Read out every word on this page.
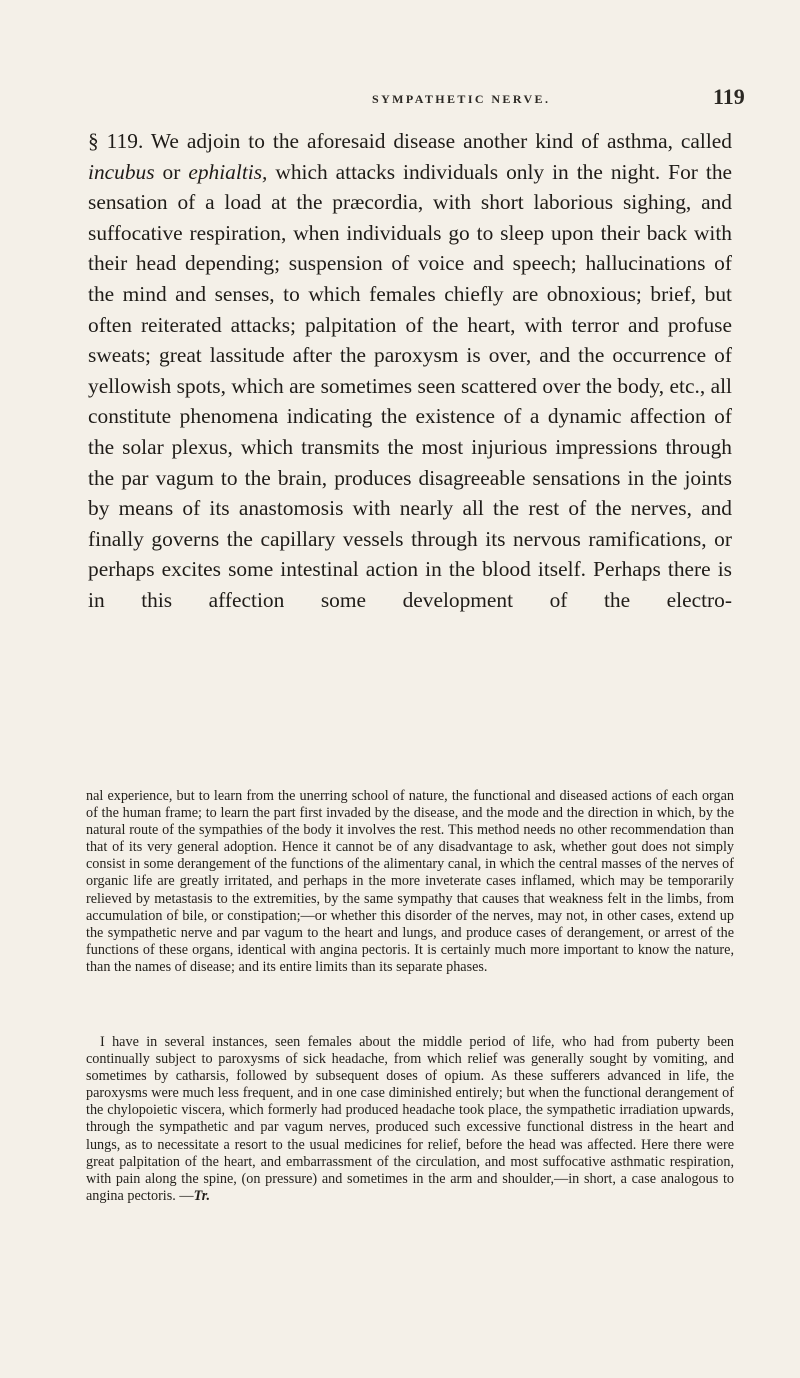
SYMPATHETIC NERVE.	119

§ 119. We adjoin to the aforesaid disease another kind of asthma, called incubus or ephialtis, which attacks individuals only in the night. For the sensation of a load at the præcordia, with short laborious sighing, and suffocative respiration, when individuals go to sleep upon their back with their head depending; suspension of voice and speech; hallucinations of the mind and senses, to which females chiefly are obnoxious; brief, but often reiterated attacks; palpitation of the heart, with terror and profuse sweats; great lassitude after the paroxysm is over, and the occurrence of yellowish spots, which are sometimes seen scattered over the body, etc., all constitute phenomena indicating the existence of a dynamic affection of the solar plexus, which transmits the most injurious impressions through the par vagum to the brain, produces disagreeable sensations in the joints by means of its anastomosis with nearly all the rest of the nerves, and finally governs the capillary vessels through its nervous ramifications, or perhaps excites some intestinal action in the blood itself. Perhaps there is in this affection some development of the electro-

nal experience, but to learn from the unerring school of nature, the functional and diseased actions of each organ of the human frame; to learn the part first invaded by the disease, and the mode and the direction in which, by the natural route of the sympathies of the body it involves the rest. This method needs no other recommendation than that of its very general adoption. Hence it cannot be of any disadvantage to ask, whether gout does not simply consist in some derangement of the functions of the alimentary canal, in which the central masses of the nerves of organic life are greatly irritated, and perhaps in the more inveterate cases inflamed, which may be temporarily relieved by metastasis to the extremities, by the same sympathy that causes that weakness felt in the limbs, from accumulation of bile, or constipation;—or whether this disorder of the nerves, may not, in other cases, extend up the sympathetic nerve and par vagum to the heart and lungs, and produce cases of derangement, or arrest of the functions of these organs, identical with angina pectoris. It is certainly much more important to know the nature, than the names of disease; and its entire limits than its separate phases.

I have in several instances, seen females about the middle period of life, who had from puberty been continually subject to paroxysms of sick headache, from which relief was generally sought by vomiting, and sometimes by catharsis, followed by subsequent doses of opium. As these sufferers advanced in life, the paroxysms were much less frequent, and in one case diminished entirely; but when the functional derangement of the chylopoietic viscera, which formerly had produced headache took place, the sympathetic irradiation upwards, through the sympathetic and par vagum nerves, produced such excessive functional distress in the heart and lungs, as to necessitate a resort to the usual medicines for relief, before the head was affected. Here there were great palpitation of the heart, and embarrassment of the circulation, and most suffocative asthmatic respiration, with pain along the spine, (on pressure) and sometimes in the arm and shoulder,—in short, a case analogous to angina pectoris. —Tr.
